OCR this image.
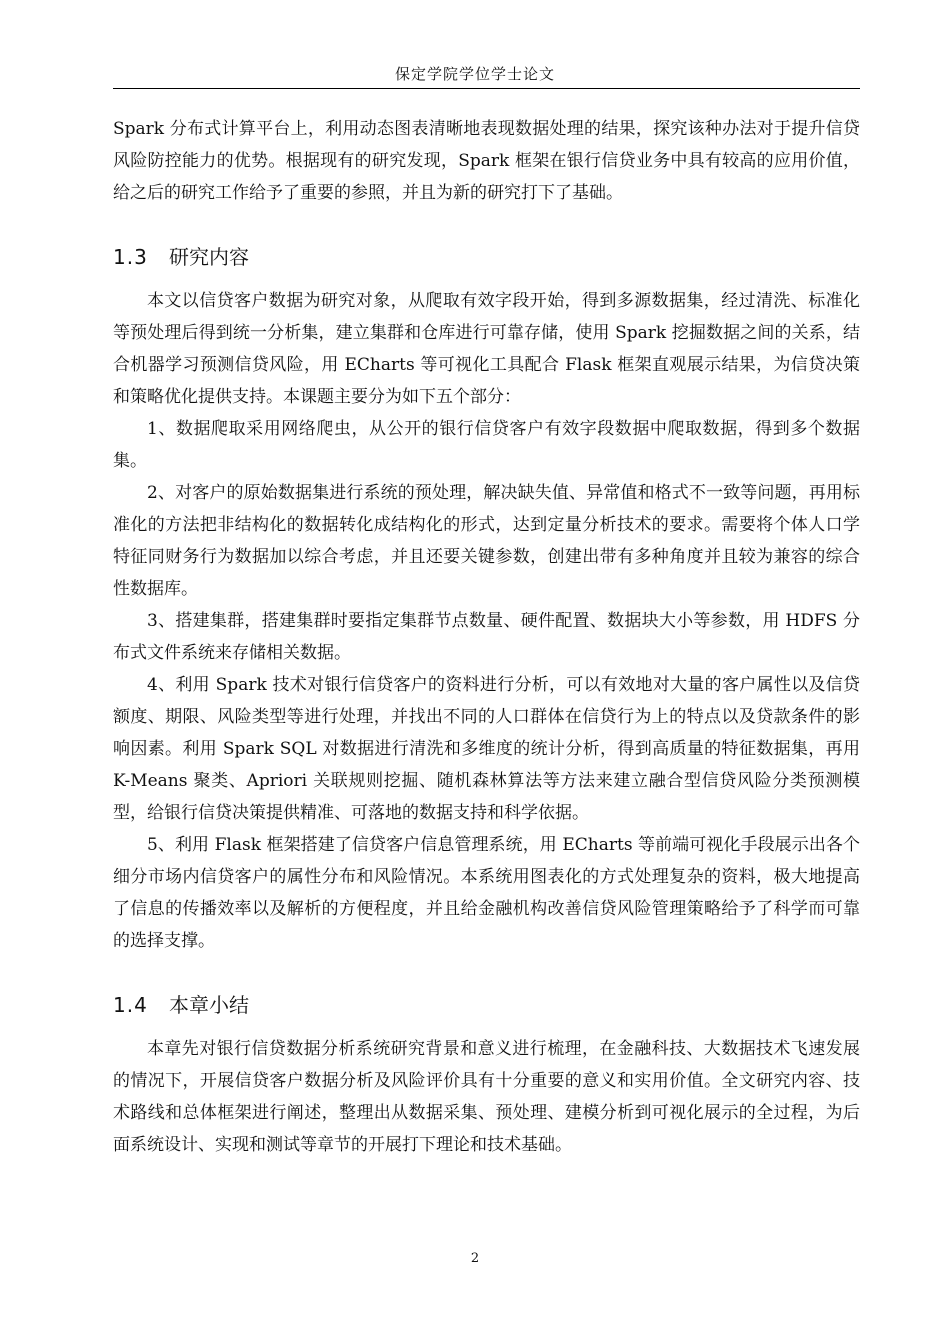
保定学院学位学士论文

Spark 分布式计算平台上，利用动态图表清晰地表现数据处理的结果，探究该种办法对于提升信贷风险防控能力的优势。根据现有的研究发现，Spark 框架在银行信贷业务中具有较高的应用价值，给之后的研究工作给予了重要的参照，并且为新的研究打下了基础。

1.3 研究内容

本文以信贷客户数据为研究对象，从爬取有效字段开始，得到多源数据集，经过清洗、标准化等预处理后得到统一分析集，建立集群和仓库进行可靠存储，使用 Spark 挖掘数据之间的关系，结合机器学习预测信贷风险，用 ECharts 等可视化工具配合 Flask 框架直观展示结果，为信贷决策和策略优化提供支持。本课题主要分为如下五个部分：

1、数据爬取采用网络爬虫，从公开的银行信贷客户有效字段数据中爬取数据，得到多个数据集。

2、对客户的原始数据集进行系统的预处理，解决缺失值、异常值和格式不一致等问题，再用标准化的方法把非结构化的数据转化成结构化的形式，达到定量分析技术的要求。需要将个体人口学特征同财务行为数据加以综合考虑，并且还要关键参数，创建出带有多种角度并且较为兼容的综合性数据库。

3、搭建集群，搭建集群时要指定集群节点数量、硬件配置、数据块大小等参数，用 HDFS 分布式文件系统来存储相关数据。

4、利用 Spark 技术对银行信贷客户的资料进行分析，可以有效地对大量的客户属性以及信贷额度、期限、风险类型等进行处理，并找出不同的人口群体在信贷行为上的特点以及贷款条件的影响因素。利用 Spark SQL 对数据进行清洗和多维度的统计分析，得到高质量的特征数据集，再用 K-Means 聚类、Apriori 关联规则挖掘、随机森林算法等方法来建立融合型信贷风险分类预测模型，给银行信贷决策提供精准、可落地的数据支持和科学依据。

5、利用 Flask 框架搭建了信贷客户信息管理系统，用 ECharts 等前端可视化手段展示出各个细分市场内信贷客户的属性分布和风险情况。本系统用图表化的方式处理复杂的资料，极大地提高了信息的传播效率以及解析的方便程度，并且给金融机构改善信贷风险管理策略给予了科学而可靠的选择支撑。

1.4 本章小结

本章先对银行信贷数据分析系统研究背景和意义进行梳理，在金融科技、大数据技术飞速发展的情况下，开展信贷客户数据分析及风险评价具有十分重要的意义和实用价值。全文研究内容、技术路线和总体框架进行阐述，整理出从数据采集、预处理、建模分析到可视化展示的全过程，为后面系统设计、实现和测试等章节的开展打下理论和技术基础。

2
